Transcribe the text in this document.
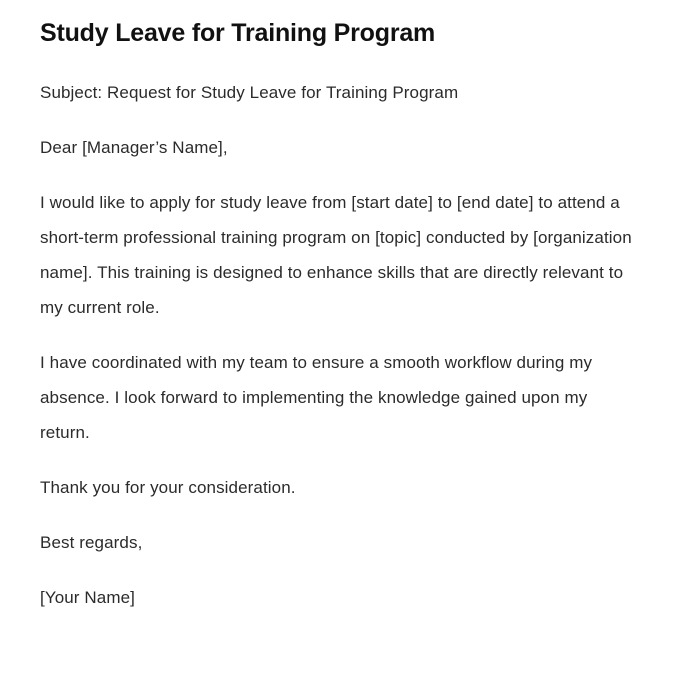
Study Leave for Training Program

Subject: Request for Study Leave for Training Program

Dear [Manager’s Name],

I would like to apply for study leave from [start date] to [end date] to attend a short-term professional training program on [topic] conducted by [organization name]. This training is designed to enhance skills that are directly relevant to my current role.

I have coordinated with my team to ensure a smooth workflow during my absence. I look forward to implementing the knowledge gained upon my return.

Thank you for your consideration.

Best regards,

[Your Name]
